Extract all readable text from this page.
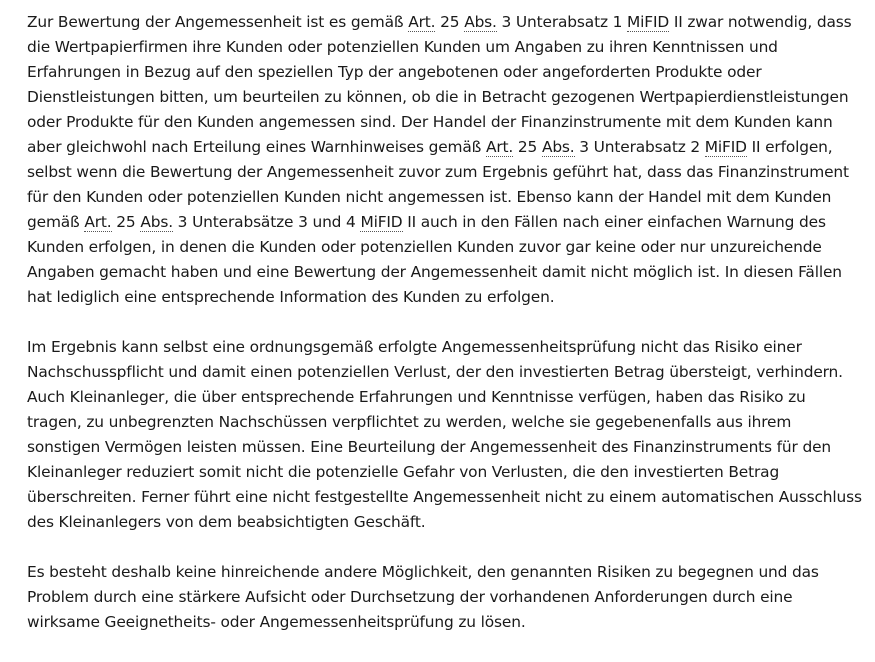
Zur Bewertung der Angemessenheit ist es gemäß Art. 25 Abs. 3 Unterabsatz 1 MiFID II zwar notwendig, dass die Wertpapierfirmen ihre Kunden oder potenziellen Kunden um Angaben zu ihren Kenntnissen und Erfahrungen in Bezug auf den speziellen Typ der angebotenen oder angeforderten Produkte oder Dienstleistungen bitten, um beurteilen zu können, ob die in Betracht gezogenen Wertpapierdienstleistungen oder Produkte für den Kunden angemessen sind. Der Handel der Finanzinstrumente mit dem Kunden kann aber gleichwohl nach Erteilung eines Warnhinweises gemäß Art. 25 Abs. 3 Unterabsatz 2 MiFID II erfolgen, selbst wenn die Bewertung der Angemessenheit zuvor zum Ergebnis geführt hat, dass das Finanzinstrument für den Kunden oder potenziellen Kunden nicht angemessen ist. Ebenso kann der Handel mit dem Kunden gemäß Art. 25 Abs. 3 Unterabsätze 3 und 4 MiFID II auch in den Fällen nach einer einfachen Warnung des Kunden erfolgen, in denen die Kunden oder potenziellen Kunden zuvor gar keine oder nur unzureichende Angaben gemacht haben und eine Bewertung der Angemessenheit damit nicht möglich ist. In diesen Fällen hat lediglich eine entsprechende Information des Kunden zu erfolgen.

Im Ergebnis kann selbst eine ordnungsgemäß erfolgte Angemessenheitsprüfung nicht das Risiko einer Nachschusspflicht und damit einen potenziellen Verlust, der den investierten Betrag übersteigt, verhindern. Auch Kleinanleger, die über entsprechende Erfahrungen und Kenntnisse verfügen, haben das Risiko zu tragen, zu unbegrenzten Nachschüssen verpflichtet zu werden, welche sie gegebenenfalls aus ihrem sonstigen Vermögen leisten müssen. Eine Beurteilung der Angemessenheit des Finanzinstruments für den Kleinanleger reduziert somit nicht die potenzielle Gefahr von Verlusten, die den investierten Betrag überschreiten. Ferner führt eine nicht festgestellte Angemessenheit nicht zu einem automatischen Ausschluss des Kleinanlegers von dem beabsichtigten Geschäft.

Es besteht deshalb keine hinreichende andere Möglichkeit, den genannten Risiken zu begegnen und das Problem durch eine stärkere Aufsicht oder Durchsetzung der vorhandenen Anforderungen durch eine wirksame Geeignetheits- oder Angemessenheitsprüfung zu lösen.
